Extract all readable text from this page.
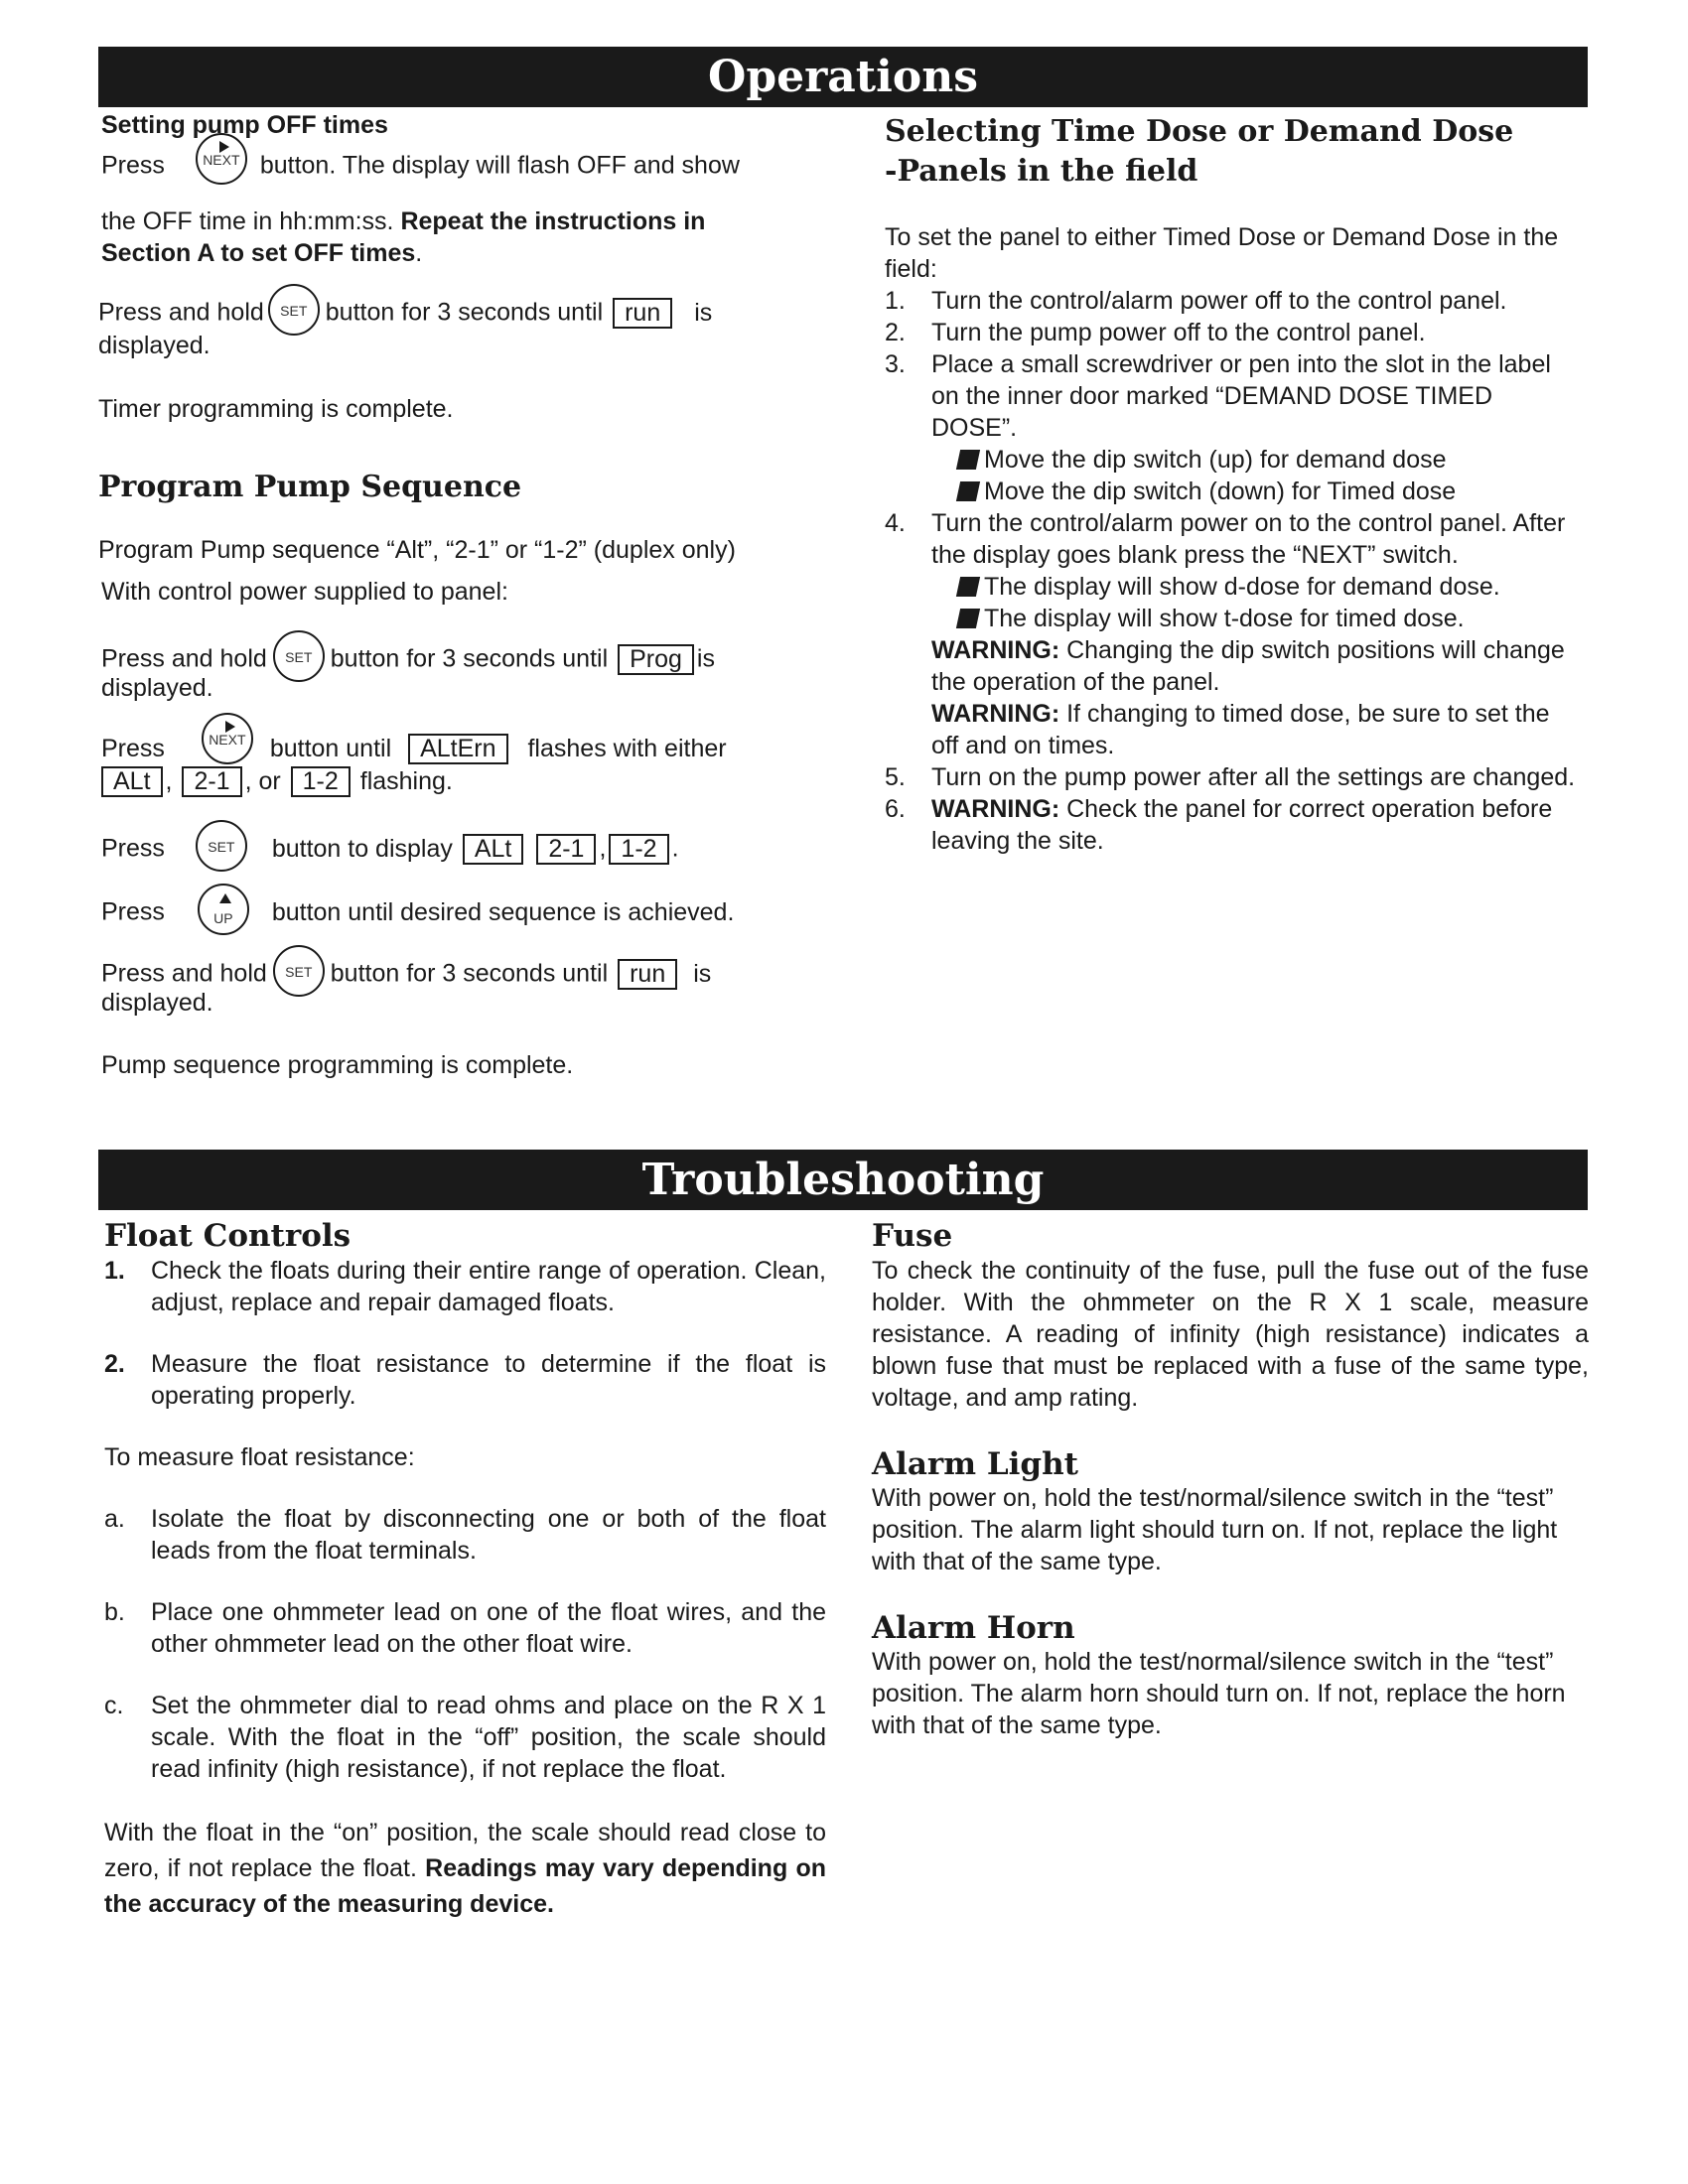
Operations
Setting pump OFF times
Press	NEXT button. The display will flash OFF and show
the OFF time in hh:mm:ss. Repeat the instructions in
Section A to set OFF times.
Press and hold	SET button for 3 seconds until run is
displayed.
Timer programming is complete.
Program Pump Sequence
Program Pump sequence “Alt”, “2-1” or “1-2” (duplex only)
With control power supplied to panel:
Press and hold	SET button for 3 seconds until Prog is
displayed.
Press	NEXT button until ALtErn flashes with either
ALt , 2-1 , or 1-2 flashing.
Press	SET	button to display ALt 2-1 , 1-2 .
Press	UP	button until desired sequence is achieved.
Press and hold	SET button for 3 seconds until run is
displayed.
Pump sequence programming is complete.
Selecting Time Dose or Demand Dose
-Panels in the field

To set the panel to either Timed Dose or Demand Dose in the field:

1. Turn the control/alarm power off to the control panel.
2. Turn the pump power off to the control panel.
3. Place a small screwdriver or pen into the slot in the label on the inner door marked “DEMAND DOSE TIMED DOSE”.
Move the dip switch (up) for demand dose
Move the dip switch (down) for Timed dose
4. Turn the control/alarm power on to the control panel. After the display goes blank press the “NEXT” switch.
The display will show d-dose for demand dose.
The display will show t-dose for timed dose.
WARNING: Changing the dip switch positions will change the operation of the panel.
WARNING: If changing to timed dose, be sure to set the off and on times.
5. Turn on the pump power after all the settings are changed.
6. WARNING: Check the panel for correct operation before leaving the site.
Troubleshooting
Float Controls
1. Check the floats during their entire range of operation. Clean, adjust, replace and repair damaged floats.
2. Measure the float resistance to determine if the float is operating properly.

To measure float resistance:

a. Isolate the float by disconnecting one or both of the float leads from the float terminals.
b. Place one ohmmeter lead on one of the float wires, and the other ohmmeter lead on the other float wire.
c. Set the ohmmeter dial to read ohms and place on the R X 1 scale. With the float in the “off” position, the scale should read infinity (high resistance), if not replace the float.

With the float in the “on” position, the scale should read close to zero, if not replace the float. Readings may vary depending on the accuracy of the measuring device.

Fuse
To check the continuity of the fuse, pull the fuse out of the fuse holder. With the ohmmeter on the R X 1 scale, measure resistance. A reading of infinity (high resistance) indicates a blown fuse that must be replaced with a fuse of the same type, voltage, and amp rating.
Alarm Light
With power on, hold the test/normal/silence switch in the “test” position. The alarm light should turn on. If not, replace the light with that of the same type.
Alarm Horn
With power on, hold the test/normal/silence switch in the “test” position. The alarm horn should turn on. If not, replace the horn with that of the same type.
